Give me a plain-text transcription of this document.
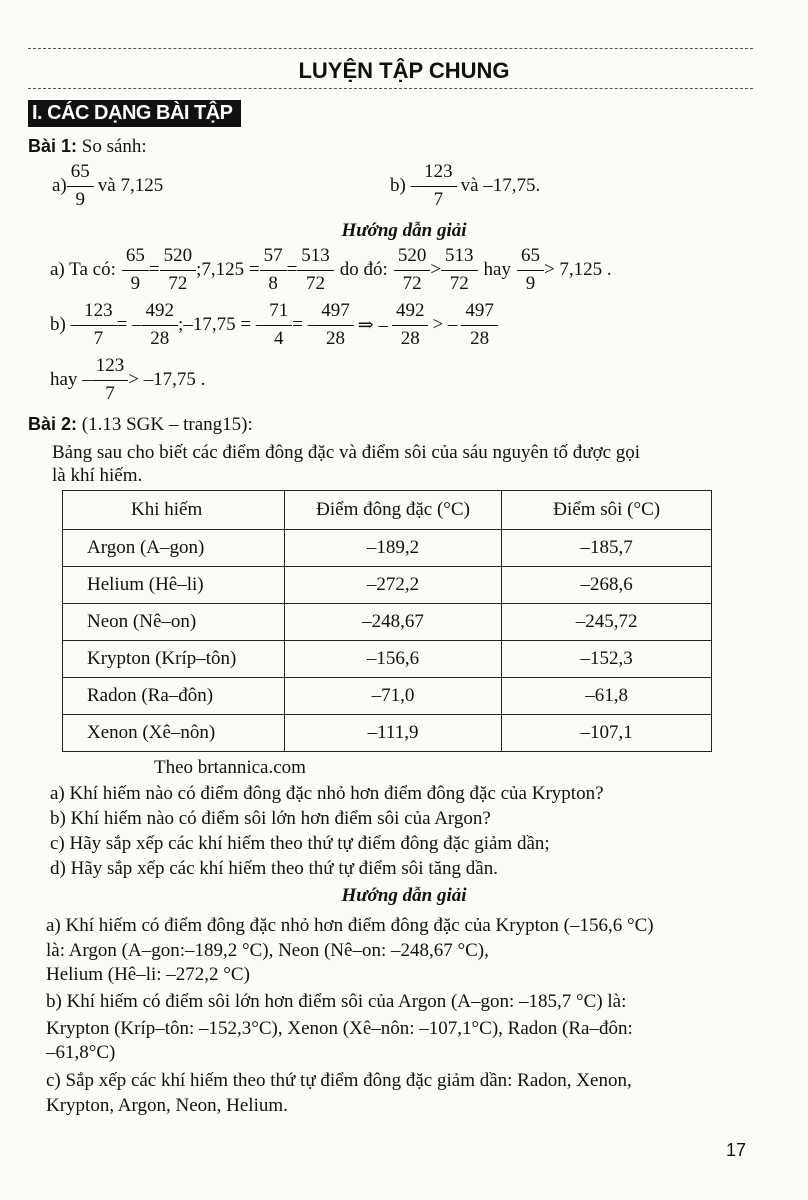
LUYỆN TẬP CHUNG
I. CÁC DẠNG BÀI TẬP
Bài 1: So sánh:
$a) \frac{65}{9}$ và 7,125	$b) - \frac{123}{7}$ và –17,75.
Hướng dẫn giải
a) Ta có: $\frac{65}{9} = \frac{520}{72}$ ;7,125 = $\frac{57}{8} = \frac{513}{72}$ do đó: $\frac{520}{72} > \frac{513}{72}$ hay $\frac{65}{9} > 7,125$ .
$b) - \frac{123}{7}$ = – $\frac{492}{28}$ ;–17,75 = – $\frac{71}{4}$ = – $\frac{497}{28}$ ⇒ – $\frac{492}{28}$ > – $\frac{497}{28}$
hay – $\frac{123}{7} > -17,75$ .
Bài 2: (1.13 SGK – trang15):
Bảng sau cho biết các điểm đông đặc và điểm sôi của sáu nguyên tố được gọi
là khí hiếm.
Khi hiếm	Điểm đông đặc (°C)	Điểm sôi (°C)
Argon (A–gon)	–189,2	–185,7
Helium (Hê–li)	–272,2	–268,6
Neon (Nê–on)	–248,67	–245,72
Krypton (Kríp–tôn)	–156,6	–152,3
Radon (Ra–đôn)	–71,0	–61,8
Xenon (Xê–nôn)	–111,9	–107,1
Theo brtannica.com
a) Khí hiếm nào có điểm đông đặc nhỏ hơn điểm đông đặc của Krypton?
b) Khí hiếm nào có điểm sôi lớn hơn điểm sôi của Argon?
c) Hãy sắp xếp các khí hiếm theo thứ tự điểm đông đặc giảm dần;
d) Hãy sắp xếp các khí hiếm theo thứ tự điểm sôi tăng dần.
Hướng dẫn giải
a) Khí hiếm có điểm đông đặc nhỏ hơn điểm đông đặc của Krypton (–156,6 °C)
là: Argon (A–gon:–189,2 °C), Neon (Nê–on: –248,67 °C),
Helium (Hê–li: –272,2 °C)
b) Khí hiếm có điểm sôi lớn hơn điểm sôi của Argon (A–gon: –185,7 °C) là:
Krypton (Kríp–tôn: –152,3°C), Xenon (Xê–nôn: –107,1°C), Radon (Ra–đôn:
–61,8°C)
c) Sắp xếp các khí hiếm theo thứ tự điểm đông đặc giảm dần: Radon, Xenon,
Krypton, Argon, Neon, Helium.
17
